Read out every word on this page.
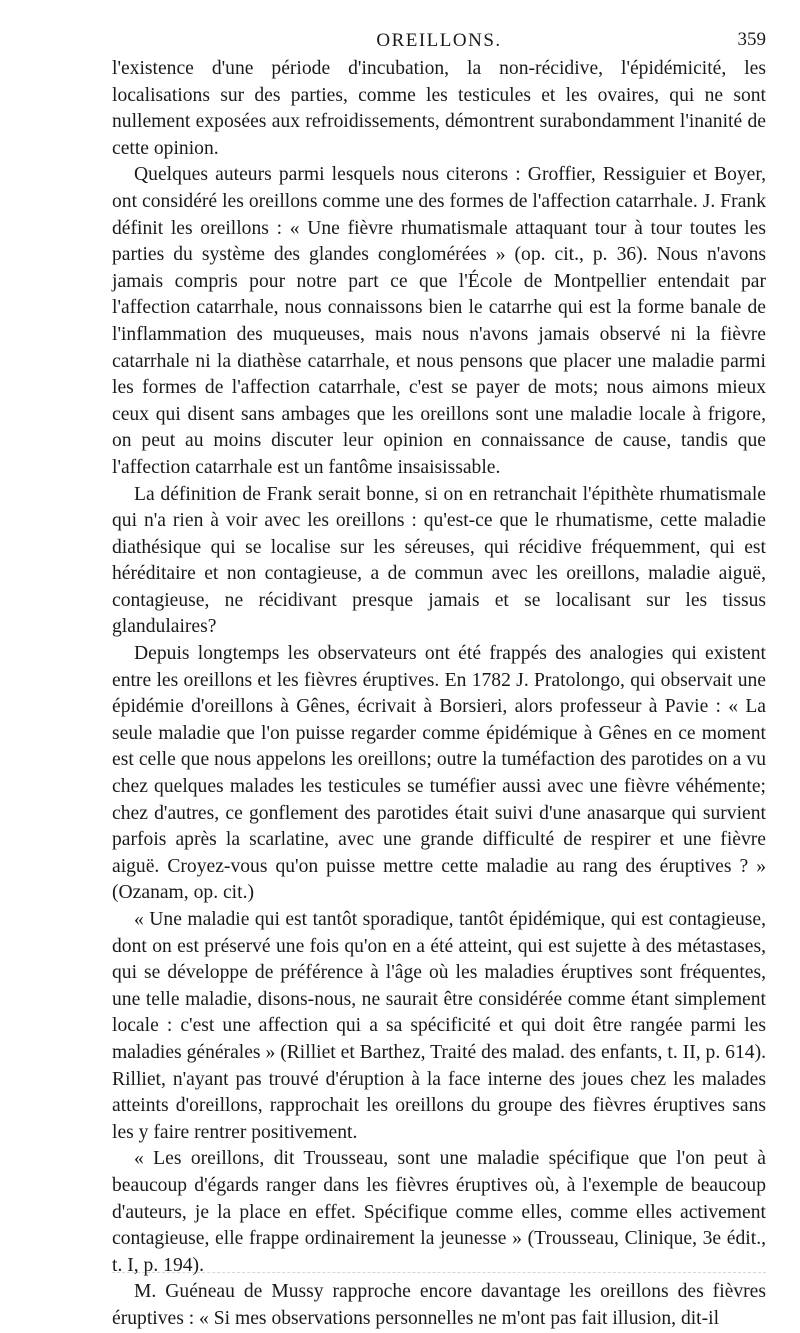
OREILLONS.	359

l'existence d'une période d'incubation, la non-récidive, l'épidémicité, les localisations sur des parties, comme les testicules et les ovaires, qui ne sont nullement exposées aux refroidissements, démontrent surabondamment l'inanité de cette opinion.

Quelques auteurs parmi lesquels nous citerons : Groffier, Ressiguier et Boyer, ont considéré les oreillons comme une des formes de l'affection catarrhale. J. Frank définit les oreillons : « Une fièvre rhumatismale attaquant tour à tour toutes les parties du système des glandes conglomérées » (op. cit., p. 36). Nous n'avons jamais compris pour notre part ce que l'École de Montpellier entendait par l'affection catarrhale, nous connaissons bien le catarrhe qui est la forme banale de l'inflammation des muqueuses, mais nous n'avons jamais observé ni la fièvre catarrhale ni la diathèse catarrhale, et nous pensons que placer une maladie parmi les formes de l'affection catarrhale, c'est se payer de mots; nous aimons mieux ceux qui disent sans ambages que les oreillons sont une maladie locale à frigore, on peut au moins discuter leur opinion en connaissance de cause, tandis que l'affection catarrhale est un fantôme insaisissable.

La définition de Frank serait bonne, si on en retranchait l'épithète rhumatismale qui n'a rien à voir avec les oreillons : qu'est-ce que le rhumatisme, cette maladie diathésique qui se localise sur les séreuses, qui récidive fréquemment, qui est héréditaire et non contagieuse, a de commun avec les oreillons, maladie aiguë, contagieuse, ne récidivant presque jamais et se localisant sur les tissus glandulaires?

Depuis longtemps les observateurs ont été frappés des analogies qui existent entre les oreillons et les fièvres éruptives. En 1782 J. Pratolongo, qui observait une épidémie d'oreillons à Gênes, écrivait à Borsieri, alors professeur à Pavie : « La seule maladie que l'on puisse regarder comme épidémique à Gênes en ce moment est celle que nous appelons les oreillons; outre la tuméfaction des parotides on a vu chez quelques malades les testicules se tuméfier aussi avec une fièvre véhémente; chez d'autres, ce gonflement des parotides était suivi d'une anasarque qui survient parfois après la scarlatine, avec une grande difficulté de respirer et une fièvre aiguë. Croyez-vous qu'on puisse mettre cette maladie au rang des éruptives ? » (Ozanam, op. cit.)

« Une maladie qui est tantôt sporadique, tantôt épidémique, qui est contagieuse, dont on est préservé une fois qu'on en a été atteint, qui est sujette à des métastases, qui se développe de préférence à l'âge où les maladies éruptives sont fréquentes, une telle maladie, disons-nous, ne saurait être considérée comme étant simplement locale : c'est une affection qui a sa spécificité et qui doit être rangée parmi les maladies générales » (Rilliet et Barthez, Traité des malad. des enfants, t. II, p. 614). Rilliet, n'ayant pas trouvé d'éruption à la face interne des joues chez les malades atteints d'oreillons, rapprochait les oreillons du groupe des fièvres éruptives sans les y faire rentrer positivement.

« Les oreillons, dit Trousseau, sont une maladie spécifique que l'on peut à beaucoup d'égards ranger dans les fièvres éruptives où, à l'exemple de beaucoup d'auteurs, je la place en effet. Spécifique comme elles, comme elles activement contagieuse, elle frappe ordinairement la jeunesse » (Trousseau, Clinique, 3e édit., t. I, p. 194).

M. Guéneau de Mussy rapproche encore davantage les oreillons des fièvres éruptives : « Si mes observations personnelles ne m'ont pas fait illusion, dit-il
